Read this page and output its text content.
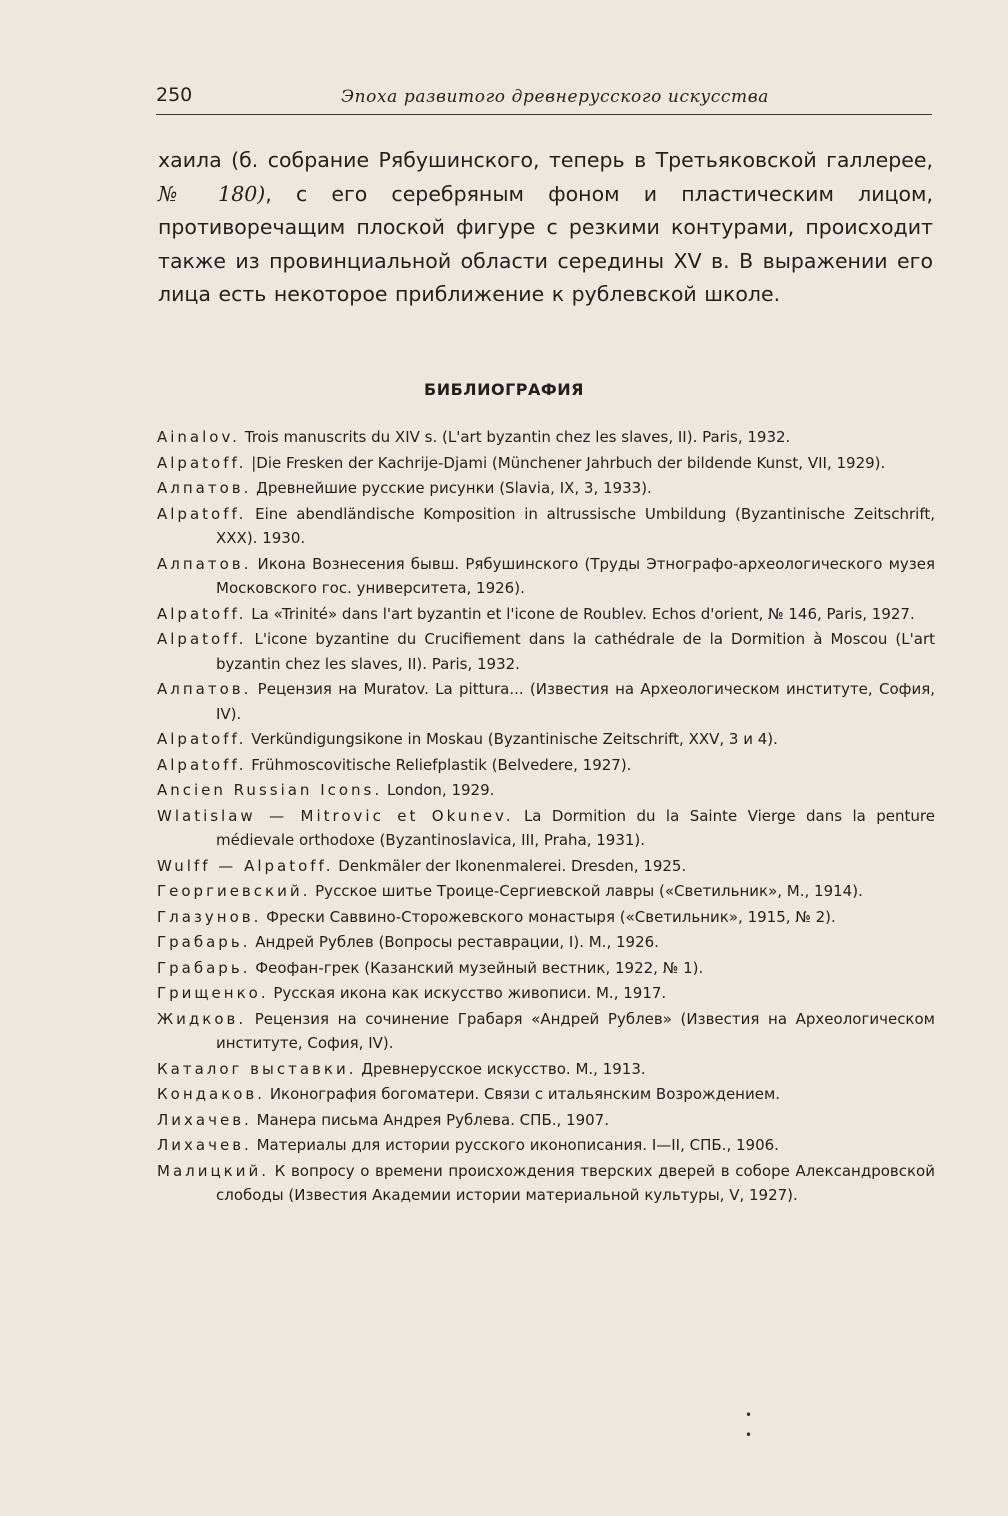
250	Эпоха развитого древнерусского искусства

хаила (б. собрание Рябушинского, теперь в Третьяковской галлерее, № 180), с его серебряным фоном и пластическим лицом, противоречащим плоской фигуре с резкими контурами, происходит также из провинциальной области середины XV в. В выражении его лица есть некоторое приближение к рублевской школе.

БИБЛИОГРАФИЯ
Ainalov. Trois manuscrits du XIV s. (L'art byzantin chez les slaves, II). Paris, 1932.
Alpatoff. |Die Fresken der Kachrije-Djami (Münchener Jahrbuch der bildende Kunst, VII, 1929).
Алпатов. Древнейшие русские рисунки (Slavia, IX, 3, 1933).
Alpatoff. Eine abendländische Komposition in altrussische Umbildung (Byzantinische Zeitschrift, XXX). 1930.
Алпатов. Икона Вознесения бывш. Рябушинского (Труды Этнографо-археологического музея Московского гос. университета, 1926).
Alpatoff. La «Trinité» dans l'art byzantin et l'icone de Roublev. Echos d'orient, № 146, Paris, 1927.
Alpatoff. L'icone byzantine du Crucifiement dans la cathédrale de la Dormition à Moscou (L'art byzantin chez les slaves, II). Paris, 1932.
Алпатов. Рецензия на Muratov. La pittura... (Известия на Археологическом институте, София, IV).
Alpatoff. Verkündigungsikone in Moskau (Byzantinische Zeitschrift, XXV, 3 и 4).
Alpatoff. Frühmoscovitische Reliefplastik (Belvedere, 1927).
Ancien Russian Icons. London, 1929.
Wlatislaw — Mitrovic et Okunev. La Dormition du la Sainte Vierge dans la penture médievale orthodoxe (Byzantinoslavica, III, Praha, 1931).
Wulff — Alpatoff. Denkmäler der Ikonenmalerei. Dresden, 1925.
Георгиевский. Русское шитье Троице-Сергиевской лавры («Светильник», М., 1914).
Глазунов. Фрески Саввино-Сторожевского монастыря («Светильник», 1915, № 2).
Грабарь. Андрей Рублев (Вопросы реставрации, I). М., 1926.
Грабарь. Феофан-грек (Казанский музейный вестник, 1922, № 1).
Грищенко. Русская икона как искусство живописи. М., 1917.
Жидков. Рецензия на сочинение Грабаря «Андрей Рублев» (Известия на Археологическом институте, София, IV).
Каталог выставки. Древнерусское искусство. М., 1913.
Кондаков. Иконография богоматери. Связи с итальянским Возрождением.
Лихачев. Манера письма Андрея Рублева. СПБ., 1907.
Лихачев. Материалы для истории русского иконописания. I—II, СПБ., 1906.
Малицкий. К вопросу о времени происхождения тверских дверей в соборе Александровской слободы (Известия Академии истории материальной культуры, V, 1927).
•
•
